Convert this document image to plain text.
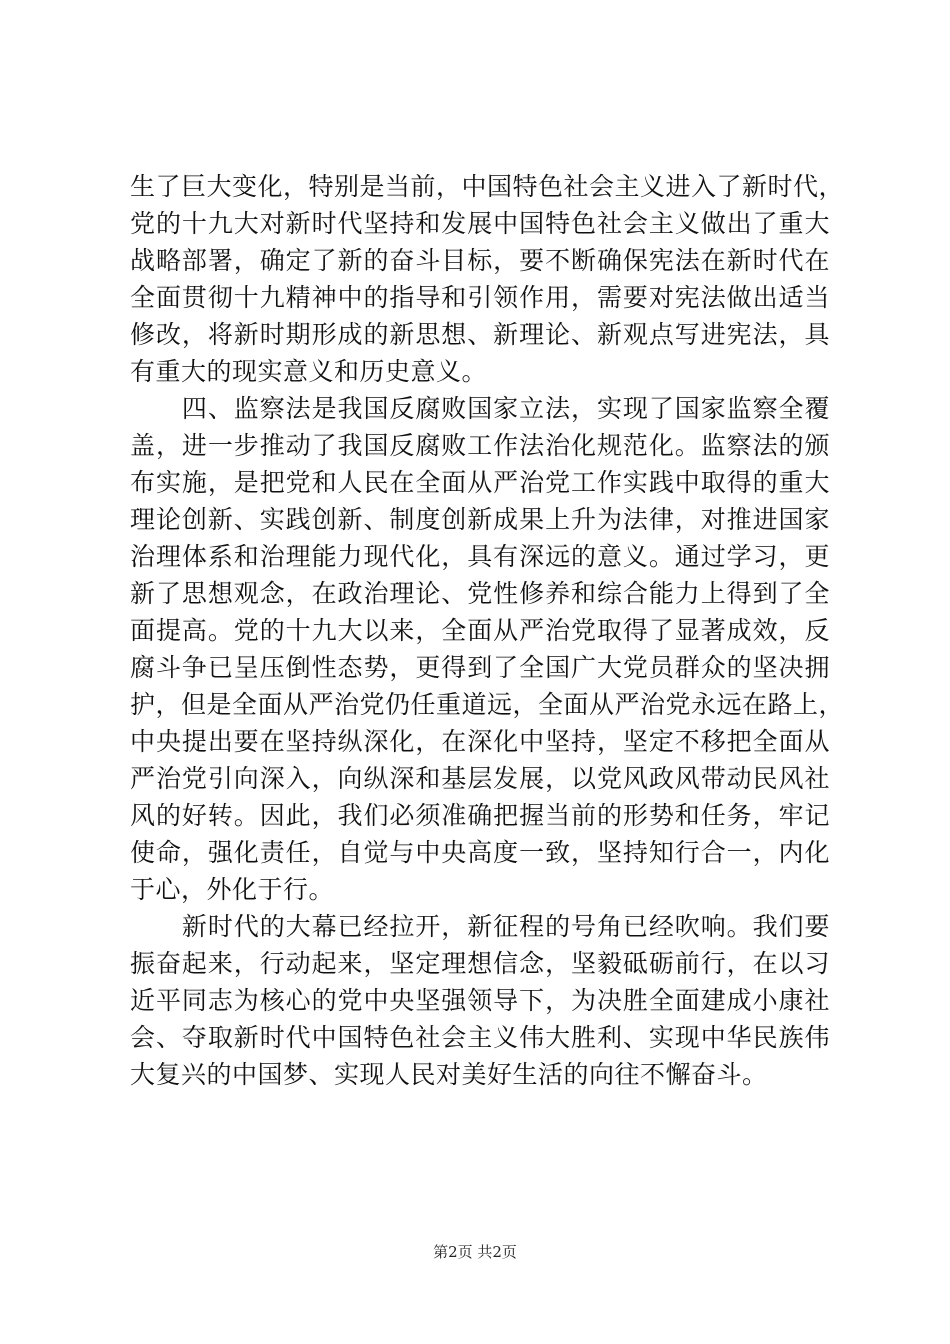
生了巨大变化，特别是当前，中国特色社会主义进入了新时代，
党的十九大对新时代坚持和发展中国特色社会主义做出了重大
战略部署，确定了新的奋斗目标，要不断确保宪法在新时代在
全面贯彻十九精神中的指导和引领作用，需要对宪法做出适当
修改，将新时期形成的新思想、新理论、新观点写进宪法，具
有重大的现实意义和历史意义。
　　四、监察法是我国反腐败国家立法，实现了国家监察全覆
盖，进一步推动了我国反腐败工作法治化规范化。监察法的颁
布实施，是把党和人民在全面从严治党工作实践中取得的重大
理论创新、实践创新、制度创新成果上升为法律，对推进国家
治理体系和治理能力现代化，具有深远的意义。通过学习，更
新了思想观念，在政治理论、党性修养和综合能力上得到了全
面提高。党的十九大以来，全面从严治党取得了显著成效，反
腐斗争已呈压倒性态势，更得到了全国广大党员群众的坚决拥
护，但是全面从严治党仍任重道远，全面从严治党永远在路上，
中央提出要在坚持纵深化，在深化中坚持，坚定不移把全面从
严治党引向深入，向纵深和基层发展，以党风政风带动民风社
风的好转。因此，我们必须准确把握当前的形势和任务，牢记
使命，强化责任，自觉与中央高度一致，坚持知行合一，内化
于心，外化于行。
　　新时代的大幕已经拉开，新征程的号角已经吹响。我们要
振奋起来，行动起来，坚定理想信念，坚毅砥砺前行，在以习
近平同志为核心的党中央坚强领导下，为决胜全面建成小康社
会、夺取新时代中国特色社会主义伟大胜利、实现中华民族伟
大复兴的中国梦、实现人民对美好生活的向往不懈奋斗。
第2页 共2页
